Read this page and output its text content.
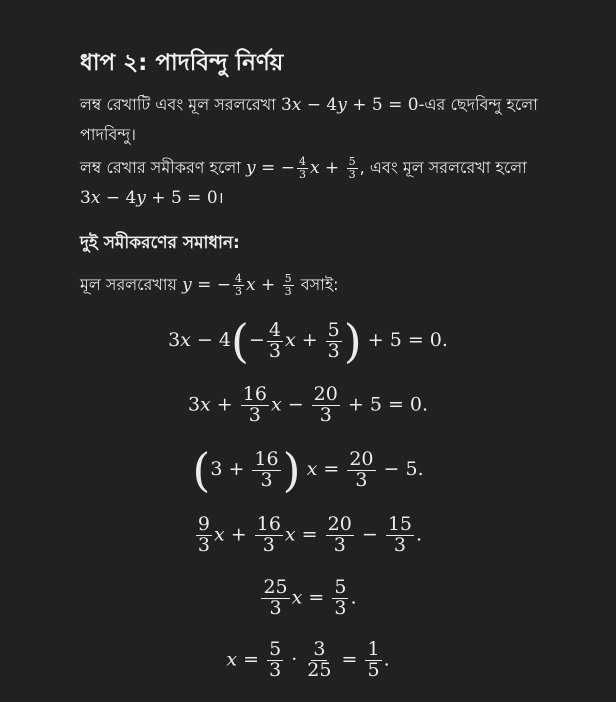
ধাপ ২: পাদবিন্দু নির্ণয়

লম্ব রেখাটি এবং মূল সরলরেখা 3x − 4y + 5 = 0-এর ছেদবিন্দু হলো
পাদবিন্দু।

লম্ব রেখার সমীকরণ হলো y = − $\frac{4}{3}$ $x + \frac{5}{3}$ , এবং মূল সরলরেখা হলো
3x − 4y + 5 = 0।

দুই সমীকরণের সমাধান:

মূল সরলরেখায় y = − $\frac{4}{3}$ $x + \frac{5}{3}$ বসাই:

$3x - 4(- \frac{4}{3}$ $x + \frac{5}{3}$ ) + 5 = 0.
$3x + \frac{16}{3}$ $x - \frac{20}{3} + 5 = 0$.
($3 + \frac{16}{3}$ ) $x = \frac{20}{3} - 5$.
$\frac{9}{3}$ $x + \frac{16}{3}$ $x = \frac{20}{3} - \frac{15}{3}$ .
$\frac{25}{3}$ $x = \frac{5}{3}$ .
$x = \frac{5}{3} \cdot \frac{3}{25} = \frac{1}{5}$ .
